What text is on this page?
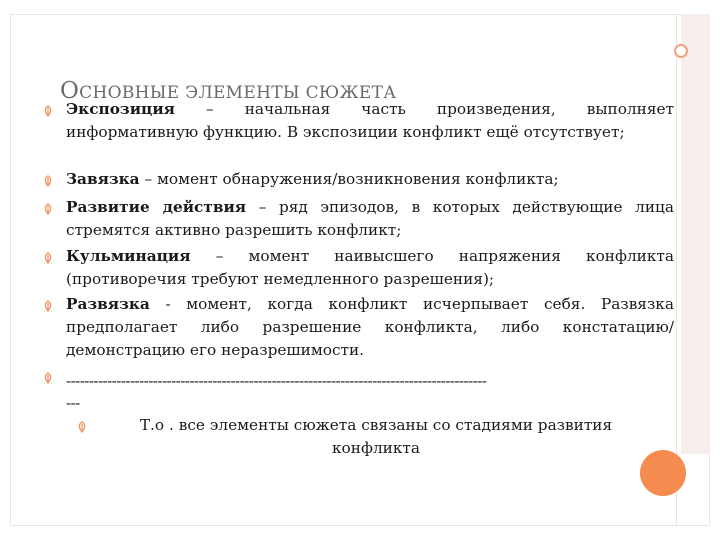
ОСНОВНЫЕ ЭЛЕМЕНТЫ СЮЖЕТА
Экспозиция – начальная часть произведения, выполняет информативную функцию. В экспозиции конфликт ещё отсутствует;
Завязка – момент обнаружения/возникновения конфликта;
Развитие действия – ряд эпизодов, в которых действующие лица стремятся активно разрешить конфликт;
Кульминация – момент наивысшего напряжения конфликта (противоречия требуют немедленного разрешения);
Развязка - момент, когда конфликт исчерпывает себя. Развязка предполагает либо разрешение конфликта, либо констатацию/демонстрацию его неразрешимости.
--------------------------------------------------------------------------------------------
---
Т.о . все элементы сюжета связаны со стадиями развития конфликта
